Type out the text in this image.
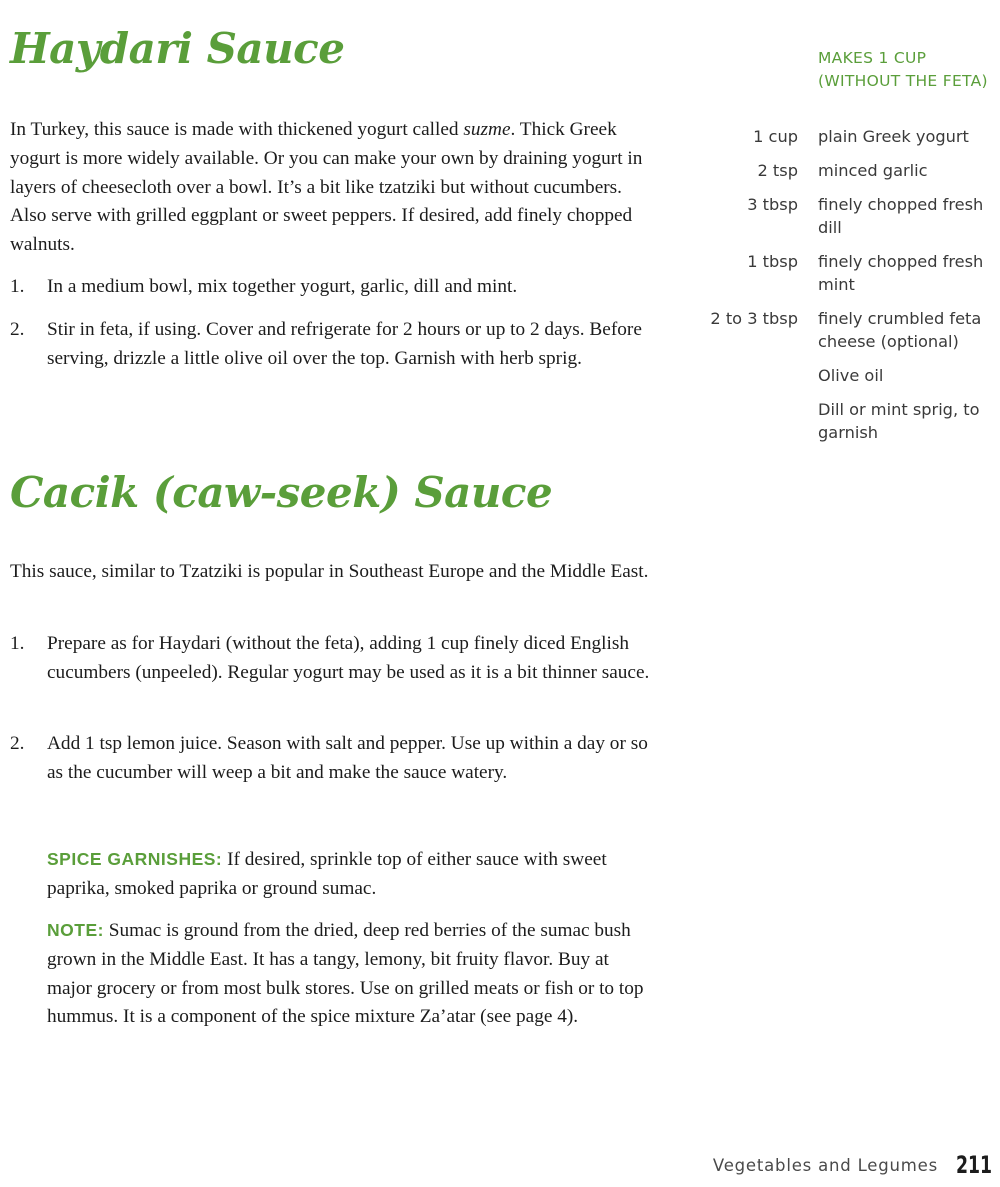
Haydari Sauce

In Turkey, this sauce is made with thickened yogurt called suzme. Thick Greek yogurt is more widely available. Or you can make your own by draining yogurt in layers of cheesecloth over a bowl. It’s a bit like tzatziki but without cucumbers. Also serve with grilled eggplant or sweet peppers. If desired, add finely chopped walnuts.

1. In a medium bowl, mix together yogurt, garlic, dill and mint.
2. Stir in feta, if using. Cover and refrigerate for 2 hours or up to 2 days. Before serving, drizzle a little olive oil over the top. Garnish with herb sprig.
Cacik (caw-seek) Sauce

This sauce, similar to Tzatziki is popular in Southeast Europe and the Middle East.

1. Prepare as for Haydari (without the feta), adding 1 cup finely diced English cucumbers (unpeeled). Regular yogurt may be used as it is a bit thinner sauce.
2. Add 1 tsp lemon juice. Season with salt and pepper. Use up within a day or so as the cucumber will weep a bit and make the sauce watery.
SPICE GARNISHES: If desired, sprinkle top of either sauce with sweet paprika, smoked paprika or ground sumac.
NOTE: Sumac is ground from the dried, deep red berries of the sumac bush grown in the Middle East. It has a tangy, lemony, bit fruity flavor. Buy at major grocery or from most bulk stores. Use on grilled meats or fish or to top hummus. It is a component of the spice mixture Za’atar (see page 4).
MAKES 1 CUP (WITHOUT THE FETA)
1 cup plain Greek yogurt
2 tsp minced garlic
3 tbsp finely chopped fresh dill
1 tbsp finely chopped fresh mint
2 to 3 tbsp finely crumbled feta cheese (optional)
Olive oil
Dill or mint sprig, to garnish
Vegetables and Legumes 211
